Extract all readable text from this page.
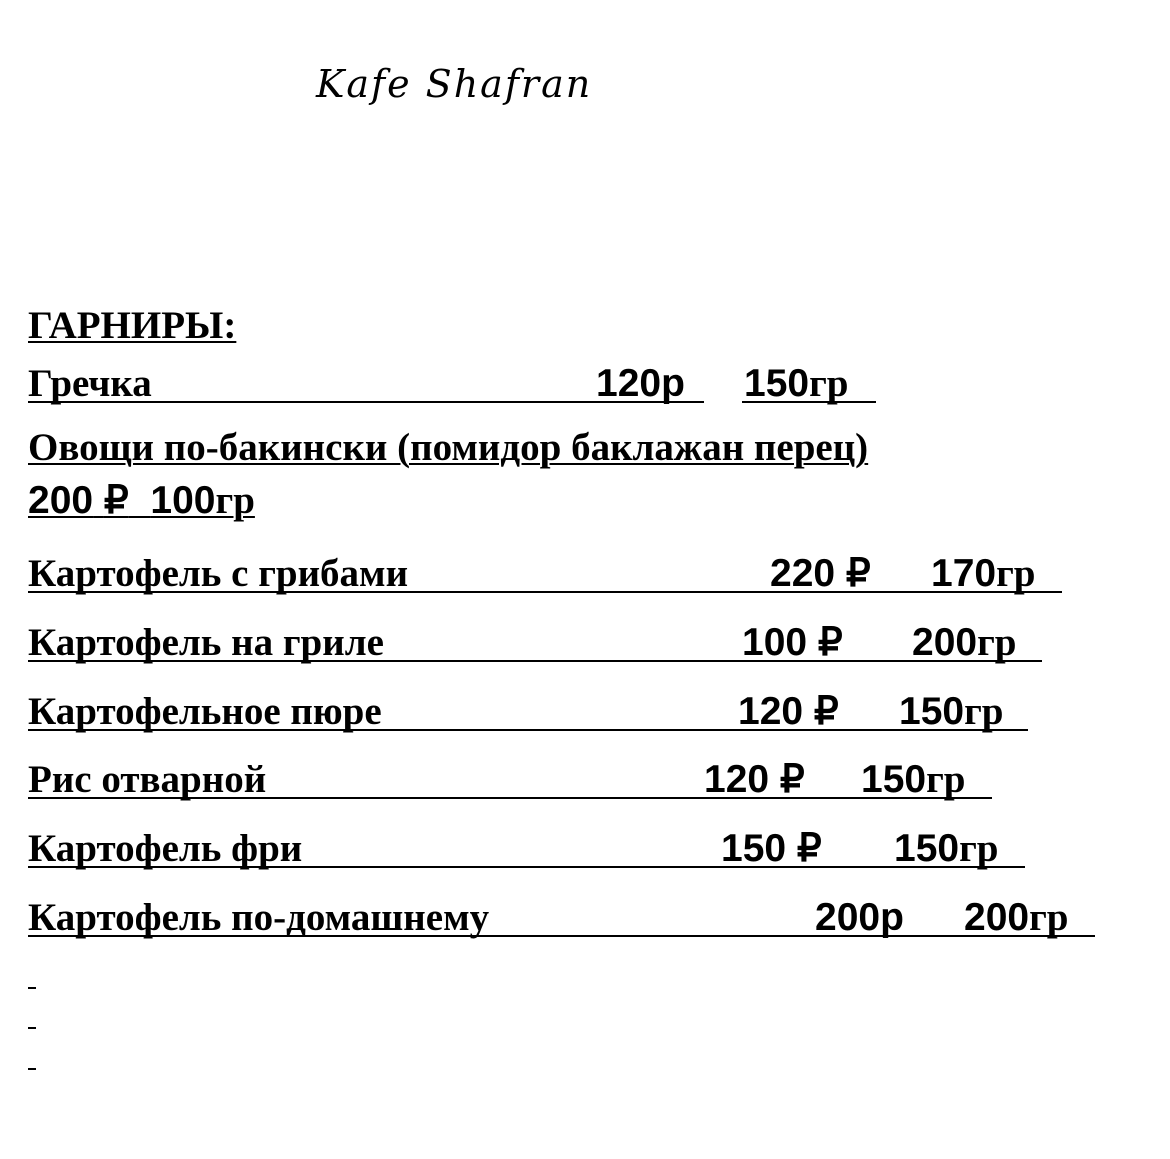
Kafe Shafran
ГАРНИРЫ:
Гречка	120р 150гр
Овощи по-бакински (помидор баклажан перец)
200 ₽ 100гр
Картофель с грибами	220 ₽ 170гр
Картофель на гриле	100 ₽ 200гр
Картофельное пюре	120 ₽ 150гр
Рис отварной	120 ₽ 150гр
Картофель фри	150 ₽ 150гр
Картофель по-домашнему	200р 200гр
